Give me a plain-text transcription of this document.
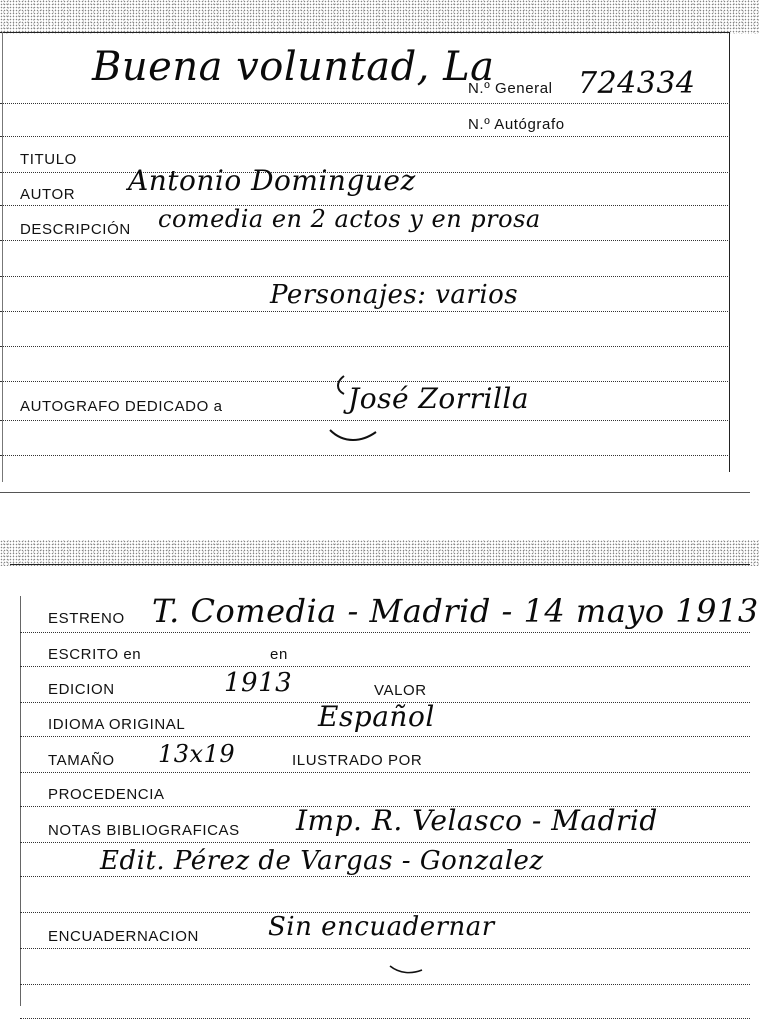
Buena voluntad, La
N.º General 724334
N.º Autógrafo
TITULO
AUTOR Antonio Dominguez
DESCRIPCIÓN comedia en 2 actos y en prosa
Personajes: varios
AUTOGRAFO DEDICADO a	José Zorrilla
ESTRENO T. Comedia - Madrid - 14 mayo 1913
ESCRITO en	en
EDICION	1913	VALOR
IDIOMA ORIGINAL	Español
TAMAÑO 13x19	ILUSTRADO POR
PROCEDENCIA
NOTAS BIBLIOGRAFICAS Imp. R. Velasco - Madrid
Edit. Pérez de Vargas - Gonzalez
ENCUADERNACION	Sin encuadernar
